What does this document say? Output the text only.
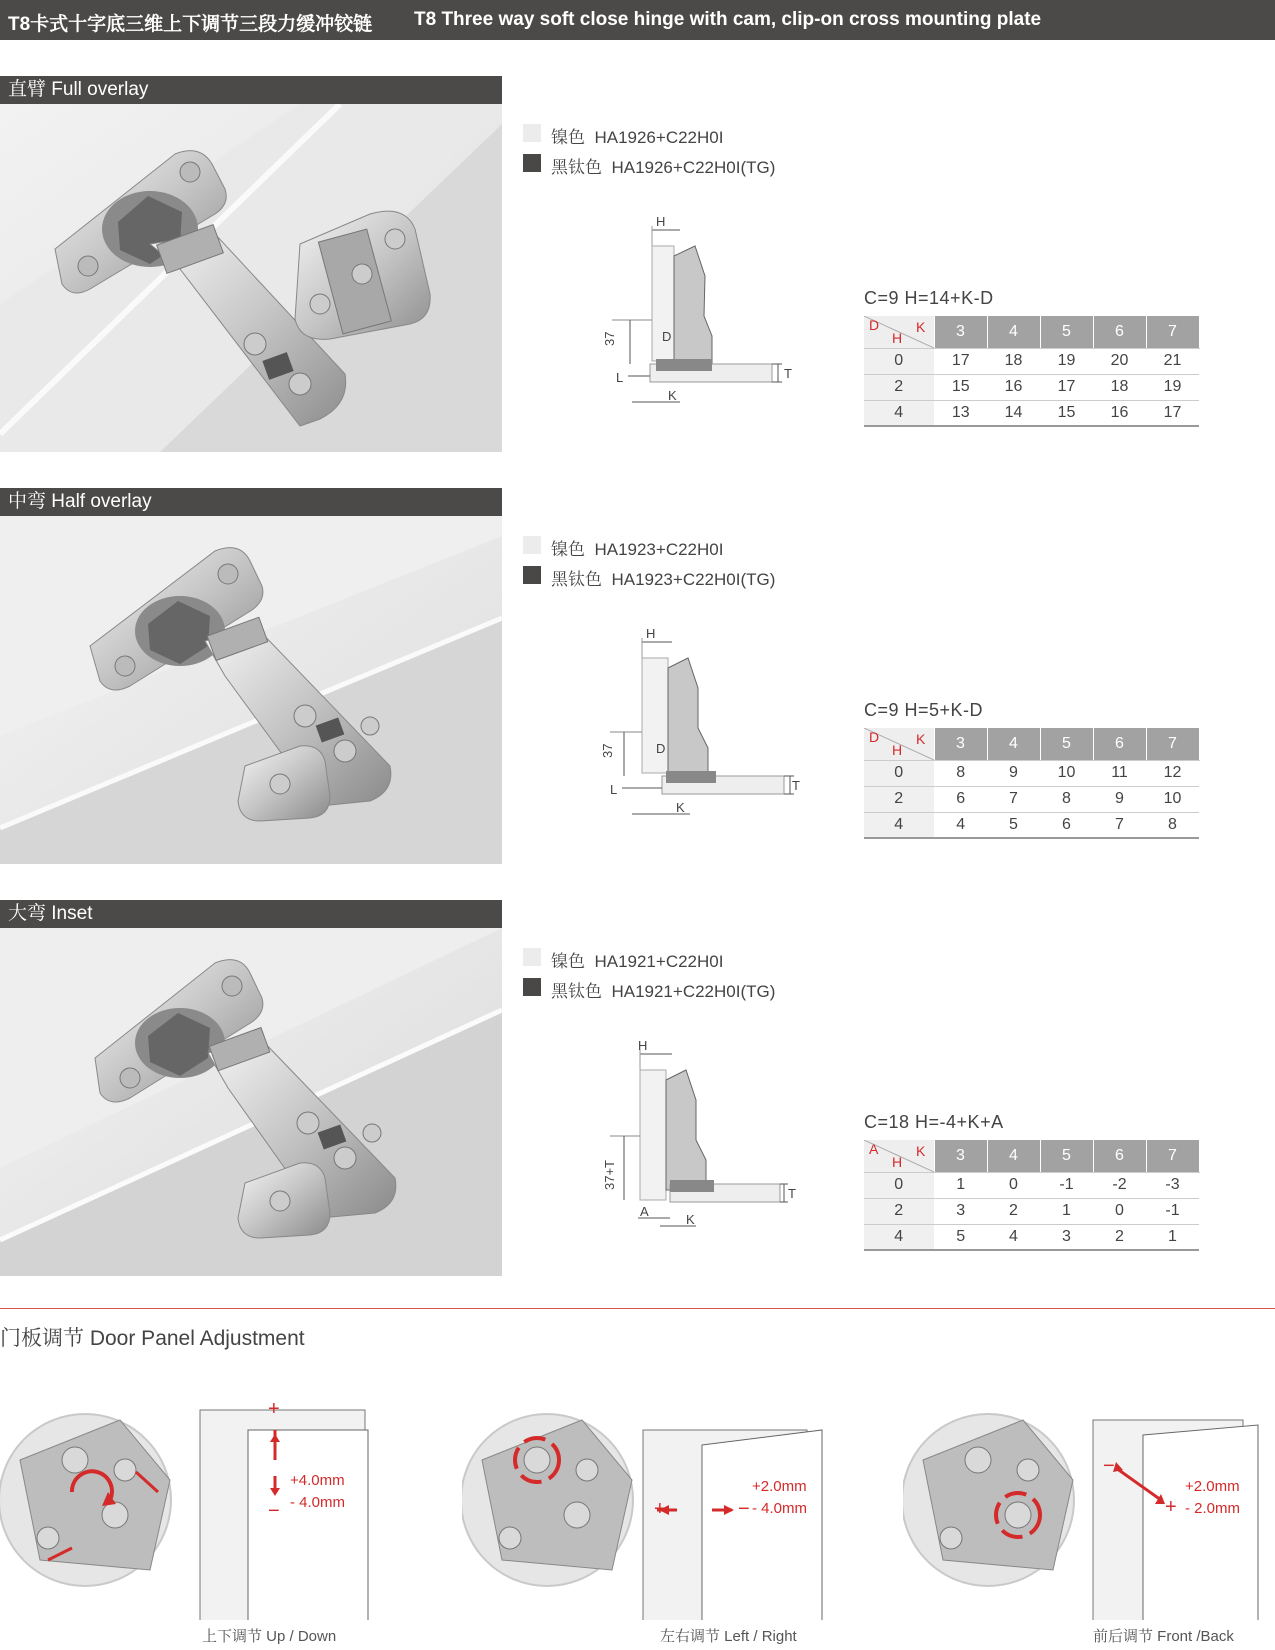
T8卡式十字底三维上下调节三段力缓冲铰链 T8 Three way soft close hinge with cam, clip-on cross mounting plate
直臂 Full overlay
镍色 HA1926+C22H0I
黑钛色 HA1926+C22H0I(TG)
H
37	D
L
K
T
C=9 H=14+K-D
D
H
K	3	4	5	6	7
0	17	18	19	20	21
2	15	16	17	18	19
4	13	14	15	16	17
中弯 Half overlay
镍色 HA1923+C22H0I
黑钛色 HA1923+C22H0I(TG)
H
37	D
L
K
T
C=9 H=5+K-D
D
H
K	3	4	5	6	7
0	8	9	10	11	12
2	6	7	8	9	10
4	4	5	6	7	8
大弯 Inset
镍色 HA1921+C22H0I
黑钛色 HA1921+C22H0I(TG)
H
37+T
A
K
T
C=18 H=-4+K+A
A
H
K	3	4	5	6	7
0	1	0	-1	-2	-3
2	3	2	1	0	-1
4	5	4	3	2	1
门板调节 Door Panel Adjustment
+
−
+4.0mm
- 4.0mm
上下调节 Up / Down
+	−
+2.0mm
- 4.0mm
左右调节 Left / Right
−
+
+2.0mm
- 2.0mm
前后调节 Front /Back
